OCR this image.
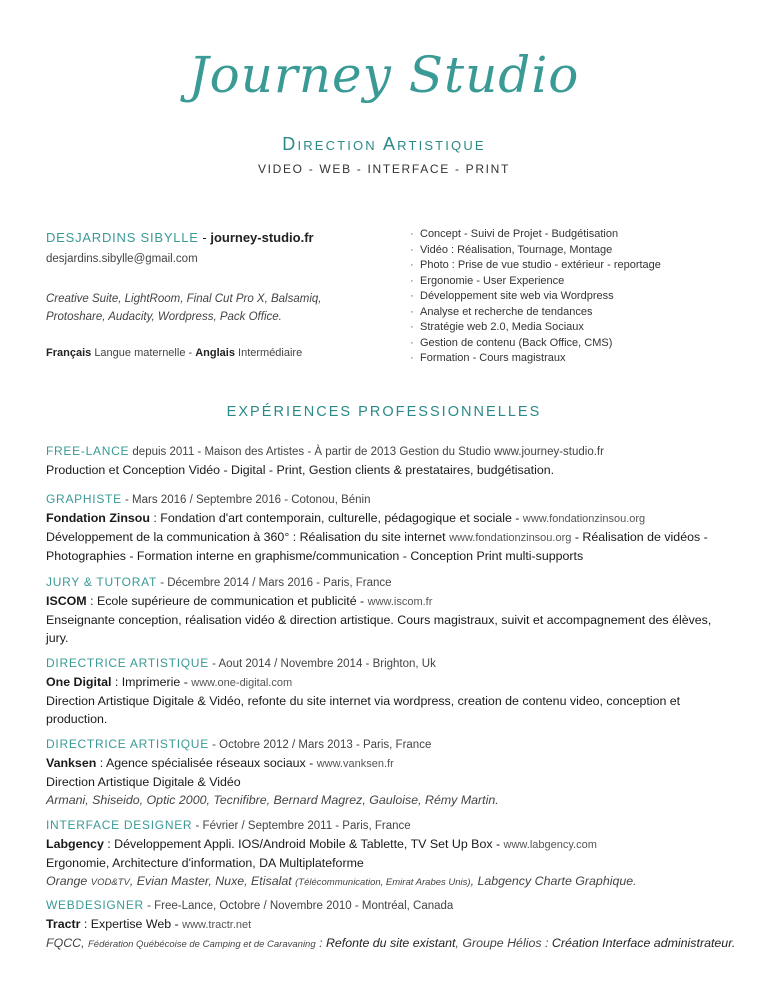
Journey Studio
Direction Artistique
VIDEO - WEB - INTERFACE - PRINT
DESJARDINS SIBYLLE - journey-studio.fr
desjardins.sibylle@gmail.com
Creative Suite, LightRoom, Final Cut Pro X, Balsamiq, Protoshare, Audacity, Wordpress, Pack Office.
Français Langue maternelle - Anglais Intermédiaire
· Concept - Suivi de Projet - Budgétisation
· Vidéo : Réalisation, Tournage, Montage
· Photo : Prise de vue studio - extérieur - reportage
· Ergonomie - User Experience
· Développement site web via Wordpress
· Analyse et recherche de tendances
· Stratégie web 2.0, Media Sociaux
· Gestion de contenu (Back Office, CMS)
· Formation - Cours magistraux
EXPÉRIENCES PROFESSIONNELLES
FREE-LANCE depuis 2011 - Maison des Artistes - À partir de 2013 Gestion du Studio www.journey-studio.fr
Production et Conception Vidéo - Digital - Print, Gestion clients & prestataires, budgétisation.
GRAPHISTE - Mars 2016 / Septembre 2016 - Cotonou, Bénin
Fondation Zinsou : Fondation d'art contemporain, culturelle, pédagogique et sociale - www.fondationzinsou.org
Développement de la communication à 360° : Réalisation du site internet www.fondationzinsou.org - Réalisation de vidéos - Photographies - Formation interne en graphisme/communication - Conception Print multi-supports
JURY & TUTORAT - Décembre 2014 / Mars 2016 - Paris, France
ISCOM : Ecole supérieure de communication et publicité - www.iscom.fr
Enseignante conception, réalisation vidéo & direction artistique. Cours magistraux, suivit et accompagnement des élèves, jury.
DIRECTRICE ARTISTIQUE - Aout 2014 / Novembre 2014 - Brighton, Uk
One Digital : Imprimerie - www.one-digital.com
Direction Artistique Digitale & Vidéo, refonte du site internet via wordpress, creation de contenu video, conception et production.
DIRECTRICE ARTISTIQUE - Octobre 2012 / Mars 2013 - Paris, France
Vanksen : Agence spécialisée réseaux sociaux - www.vanksen.fr
Direction Artistique Digitale & Vidéo
Armani, Shiseido, Optic 2000, Tecnifibre, Bernard Magrez, Gauloise, Rémy Martin.
INTERFACE DESIGNER - Février / Septembre 2011 - Paris, France
Labgency : Développement Appli. IOS/Android Mobile & Tablette, TV Set Up Box - www.labgency.com
Ergonomie, Architecture d'information, DA Multiplateforme
Orange VOD&TV, Evian Master, Nuxe, Etisalat (Télécommunication, Emirat Arabes Unis), Labgency Charte Graphique.
WEBDESIGNER - Free-Lance, Octobre / Novembre 2010 - Montréal, Canada
Tractr : Expertise Web - www.tractr.net
FQCC, Fédération Québécoise de Camping et de Caravaning : Refonte du site existant, Groupe Hélios : Création Interface administrateur.
